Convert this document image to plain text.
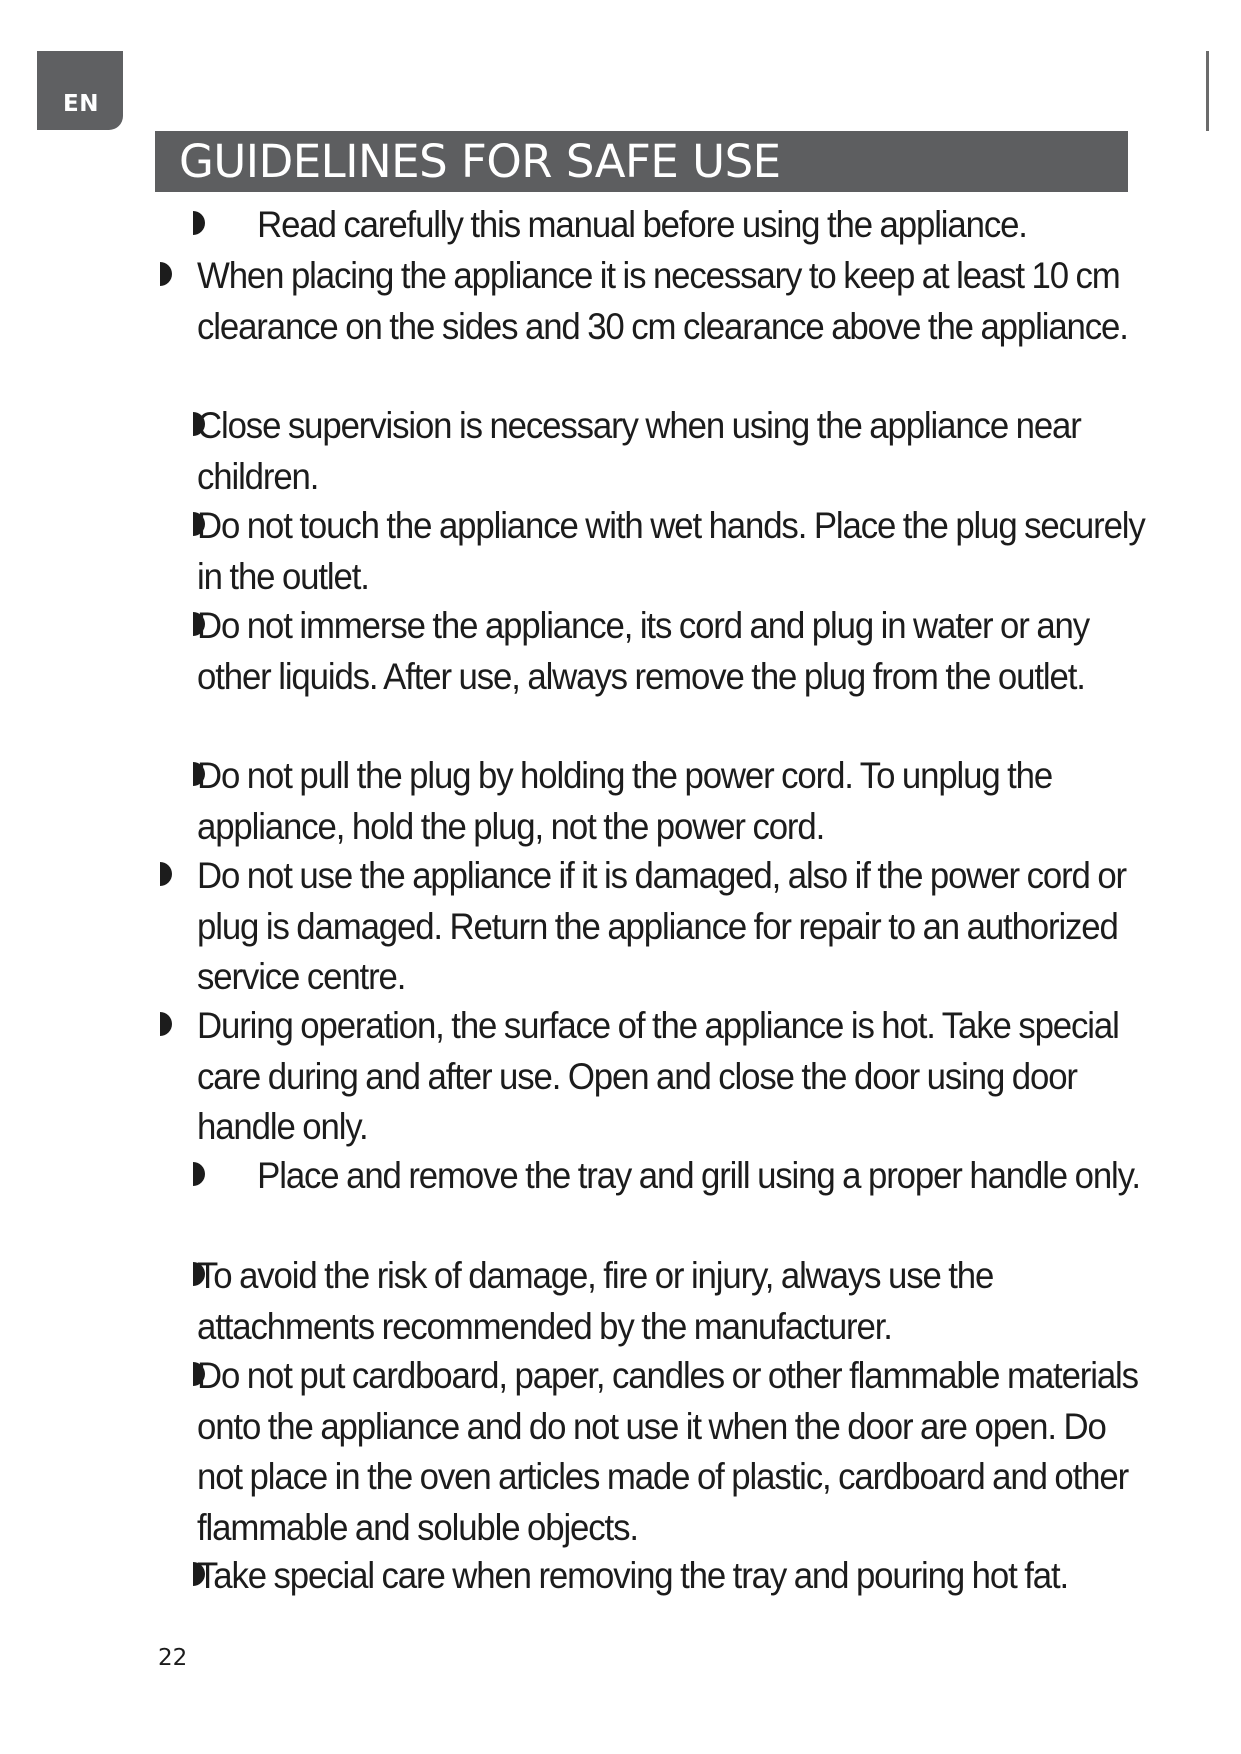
EN
GUIDELINES FOR SAFE USE
Read carefully this manual before using the appliance.
When placing the appliance it is necessary to keep at least 10 cm clearance on the sides and 30 cm clearance above the appliance.
Close supervision is necessary when using the appliance near children.
Do not touch the appliance with wet hands. Place the plug securely in the outlet.
Do not immerse the appliance, its cord and plug in water or any other liquids. After use, always remove the plug from the outlet.
Do not pull the plug by holding the power cord. To unplug the appliance, hold the plug, not the power cord.
Do not use the appliance if it is damaged, also if the power cord or plug is damaged. Return the appliance for repair to an authorized service centre.
During operation, the surface of the appliance is hot. Take special care during and after use. Open and close the door using door handle only.
Place and remove the tray and grill using a proper handle only.
To avoid the risk of damage, fire or injury, always use the attachments recommended by the manufacturer.
Do not put cardboard, paper, candles or other flammable materials onto the appliance and do not use it when the door are open. Do not place in the oven articles made of plastic, cardboard and other flammable and soluble objects.
Take special care when removing the tray and pouring hot fat.
22
